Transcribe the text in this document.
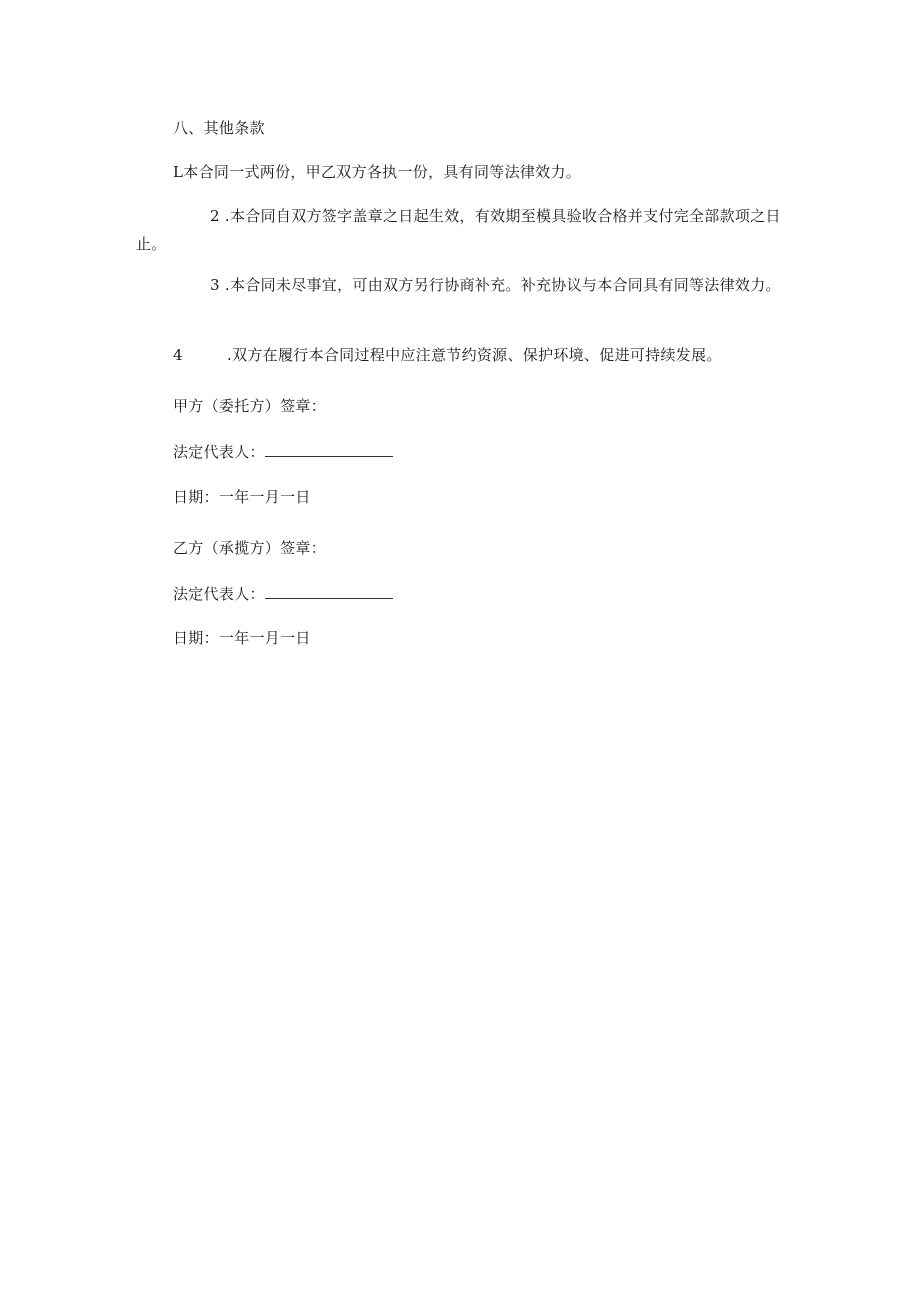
八、其他条款
L本合同一式两份，甲乙双方各执一份，具有同等法律效力。
2 .本合同自双方签字盖章之日起生效，有效期至模具验收合格并支付完全部款项之日止。
3 .本合同未尽事宜，可由双方另行协商补充。补充协议与本合同具有同等法律效力。
4	.双方在履行本合同过程中应注意节约资源、保护环境、促进可持续发展。
甲方（委托方）签章：
法定代表人：
日期：一年一月一日
乙方（承揽方）签章：
法定代表人：
日期：一年一月一日
